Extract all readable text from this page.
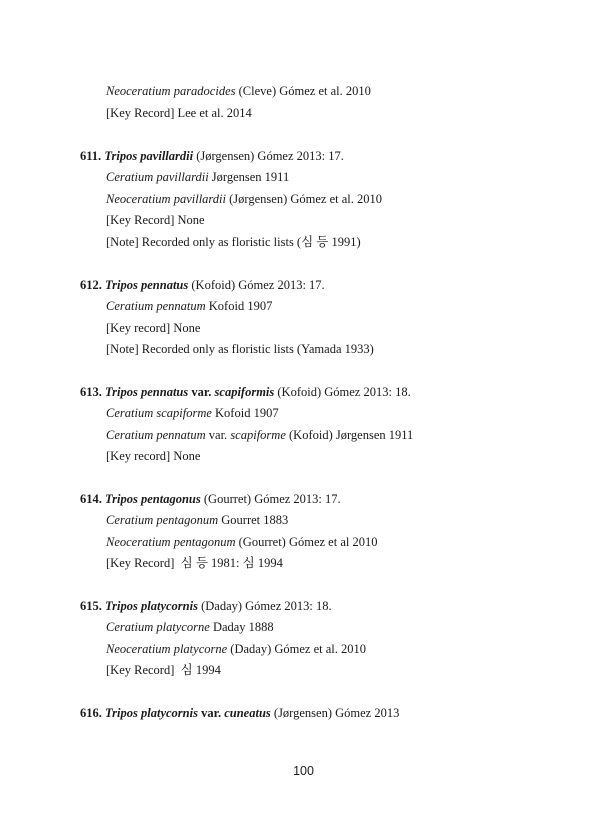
Neoceratium paradocides (Cleve) Gómez et al. 2010
[Key Record] Lee et al. 2014
611. Tripos pavillardii (Jørgensen) Gómez 2013: 17.
Ceratium pavillardii Jørgensen 1911
Neoceratium pavillardii (Jørgensen) Gómez et al. 2010
[Key Record] None
[Note] Recorded only as floristic lists (심 등 1991)
612. Tripos pennatus (Kofoid) Gómez 2013: 17.
Ceratium pennatum Kofoid 1907
[Key record] None
[Note] Recorded only as floristic lists (Yamada 1933)
613. Tripos pennatus var. scapiformis (Kofoid) Gómez 2013: 18.
Ceratium scapiforme Kofoid 1907
Ceratium pennatum var. scapiforme (Kofoid) Jørgensen 1911
[Key record] None
614. Tripos pentagonus (Gourret) Gómez 2013: 17.
Ceratium pentagonum Gourret 1883
Neoceratium pentagonum (Gourret) Gómez et al 2010
[Key Record]  심 등 1981: 심 1994
615. Tripos platycornis (Daday) Gómez 2013: 18.
Ceratium platycorne Daday 1888
Neoceratium platycorne (Daday) Gómez et al. 2010
[Key Record]  심 1994
616. Tripos platycornis var. cuneatus (Jørgensen) Gómez 2013
100
